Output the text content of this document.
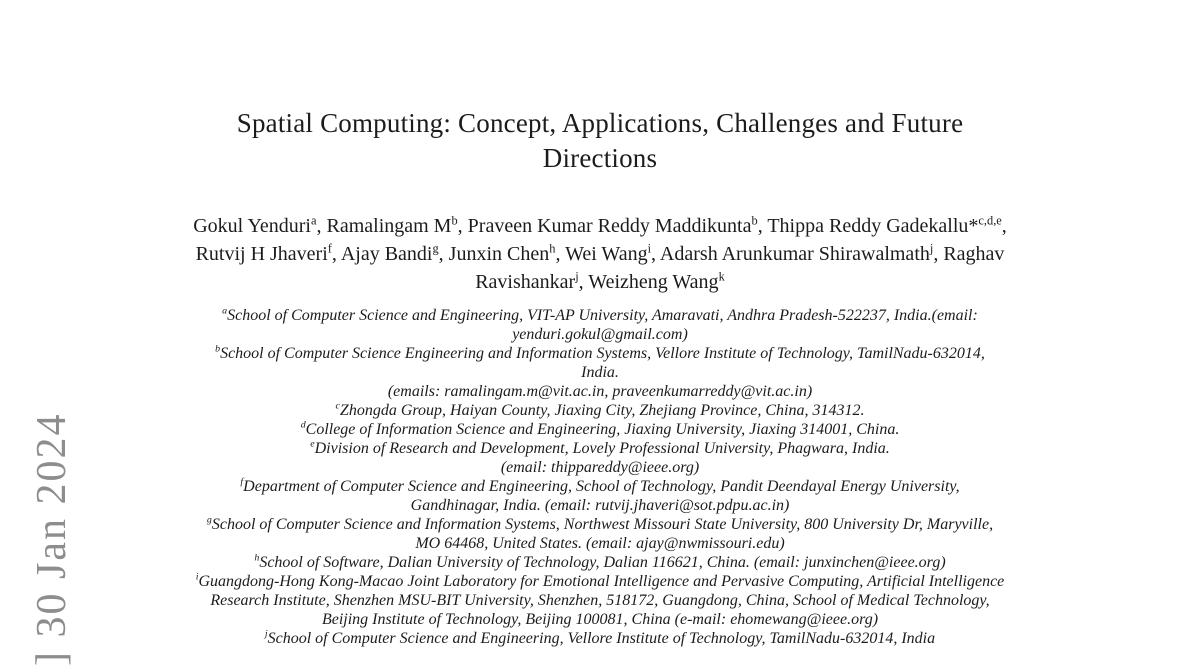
] 30 Jan 2024
Spatial Computing: Concept, Applications, Challenges and Future
Directions
Gokul Yenduri$^a$, Ramalingam $M^b$, Praveen Kumar Reddy Maddikunta$^b$, Thippa Reddy Gadekallu*$^{c,d,e}$,
Rutvij H Jhaveri$^f$, Ajay Bandi$^g$, Junxin Chen$^h$, Wei Wang$^i$, Adarsh Arunkumar Shirawalmath$^j$, Raghav
Ravishankar$^j$, Weizheng Wang$^k$
$^a$School of Computer Science and Engineering, VIT-AP University, Amaravati, Andhra Pradesh-522237, India.(email:
yenduri.gokul@gmail.com)
$^b$School of Computer Science Engineering and Information Systems, Vellore Institute of Technology, TamilNadu-632014,
India.
(emails: ramalingam.m@vit.ac.in, praveenkumarreddy@vit.ac.in)
$^c$Zhongda Group, Haiyan County, Jiaxing City, Zhejiang Province, China, 314312.
$^d$College of Information Science and Engineering, Jiaxing University, Jiaxing 314001, China.
$^e$Division of Research and Development, Lovely Professional University, Phagwara, India.
(email: thippareddy@ieee.org)
$^f$Department of Computer Science and Engineering, School of Technology, Pandit Deendayal Energy University,
Gandhinagar, India. (email: rutvij.jhaveri@sot.pdpu.ac.in)
$^g$School of Computer Science and Information Systems, Northwest Missouri State University, 800 University Dr, Maryville,
MO 64468, United States. (email: ajay@nwmissouri.edu)
$^h$School of Software, Dalian University of Technology, Dalian 116621, China. (email: junxinchen@ieee.org)
$^i$Guangdong-Hong Kong-Macao Joint Laboratory for Emotional Intelligence and Pervasive Computing, Artificial Intelligence
Research Institute, Shenzhen MSU-BIT University, Shenzhen, 518172, Guangdong, China, School of Medical Technology,
Beijing Institute of Technology, Beijing 100081, China (e-mail: ehomewang@ieee.org)
$^j$School of Computer Science and Engineering, Vellore Institute of Technology, TamilNadu-632014, India
